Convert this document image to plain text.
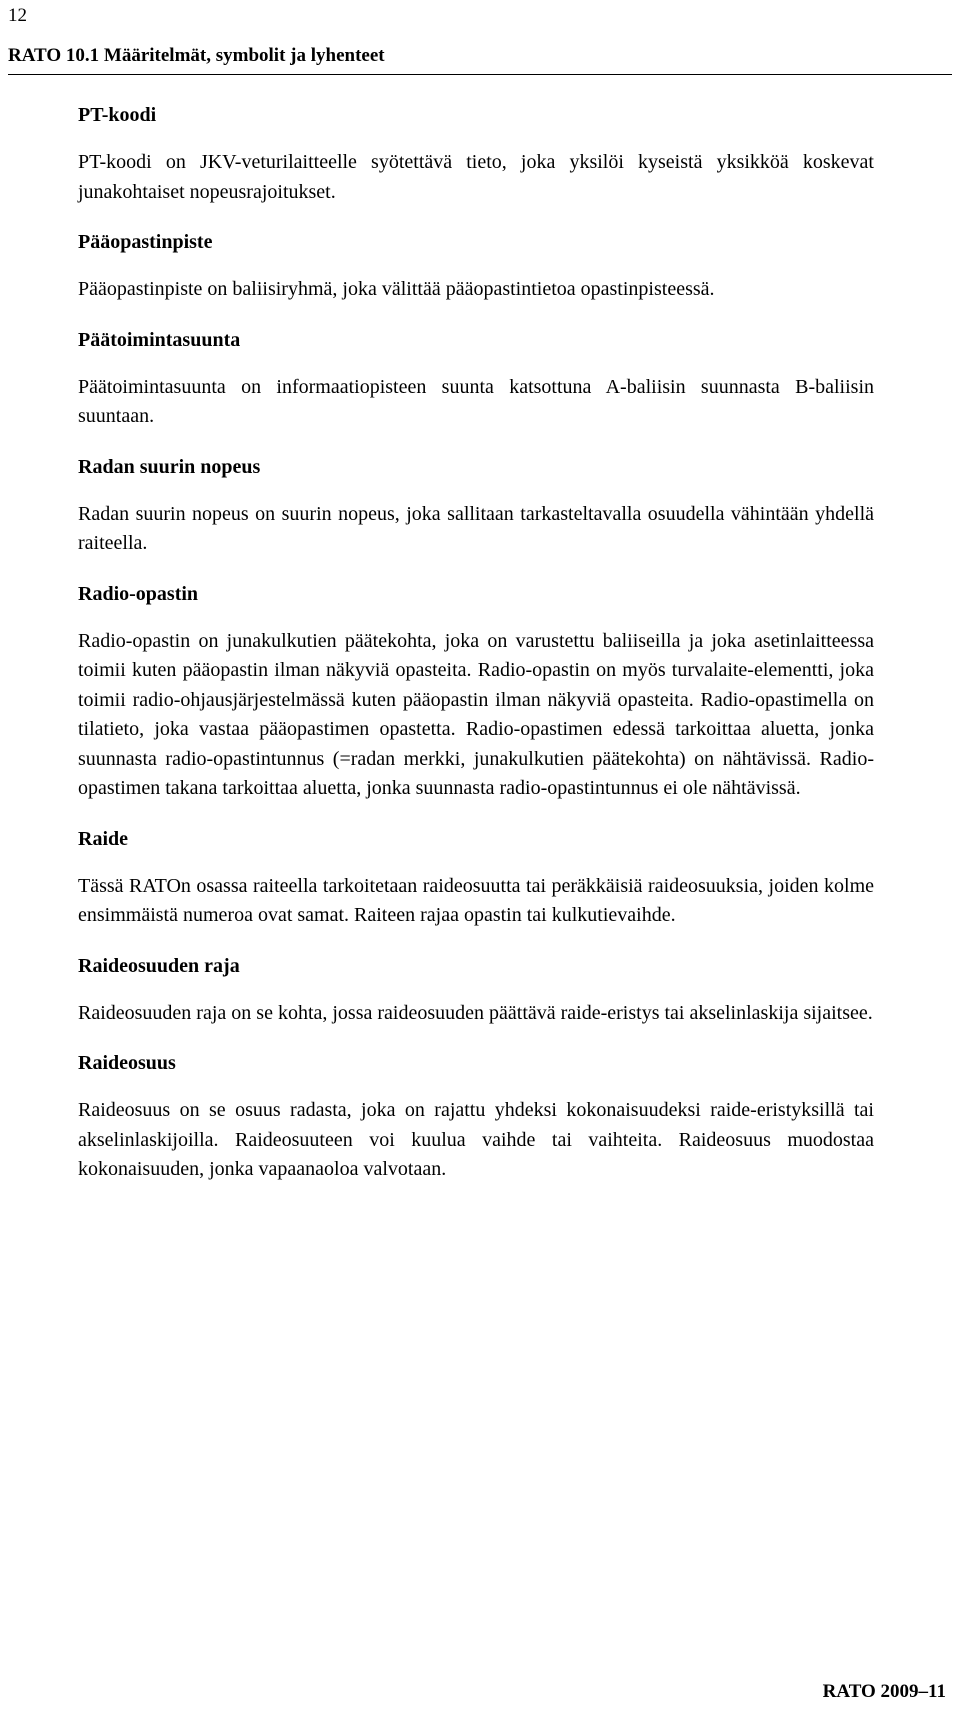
12
RATO 10.1 Määritelmät, symbolit ja lyhenteet

PT-koodi

PT-koodi on JKV-veturilaitteelle syötettävä tieto, joka yksilöi kyseistä yksikköä koskevat junakohtaiset nopeusrajoitukset.

Pääopastinpiste

Pääopastinpiste on baliisiryhmä, joka välittää pääopastintietoa opastinpisteessä.

Päätoimintasuunta

Päätoimintasuunta on informaatiopisteen suunta katsottuna A-baliisin suunnasta B-baliisin suuntaan.

Radan suurin nopeus

Radan suurin nopeus on suurin nopeus, joka sallitaan tarkasteltavalla osuudella vähintään yhdellä raiteella.

Radio-opastin

Radio-opastin on junakulkutien päätekohta, joka on varustettu baliiseilla ja joka asetinlaitteessa toimii kuten pääopastin ilman näkyviä opasteita. Radio-opastin on myös turvalaite-elementti, joka toimii radio-ohjausjärjestelmässä kuten pääopastin ilman näkyviä opasteita. Radio-opastimella on tilatieto, joka vastaa pääopastimen opastetta. Radio-opastimen edessä tarkoittaa aluetta, jonka suunnasta radio-opastintunnus (=radan merkki, junakulkutien päätekohta) on nähtävissä. Radio-opastimen takana tarkoittaa aluetta, jonka suunnasta radio-opastintunnus ei ole nähtävissä.

Raide

Tässä RATOn osassa raiteella tarkoitetaan raideosuutta tai peräkkäisiä raideosuuksia, joiden kolme ensimmäistä numeroa ovat samat. Raiteen rajaa opastin tai kulkutievaihde.

Raideosuuden raja

Raideosuuden raja on se kohta, jossa raideosuuden päättävä raide-eristys tai akselinlaskija sijaitsee.

Raideosuus

Raideosuus on se osuus radasta, joka on rajattu yhdeksi kokonaisuudeksi raide-eristyksillä tai akselinlaskijoilla. Raideosuuteen voi kuulua vaihde tai vaihteita. Raideosuus muodostaa kokonaisuuden, jonka vapaanaoloa valvotaan.

RATO 2009–11
